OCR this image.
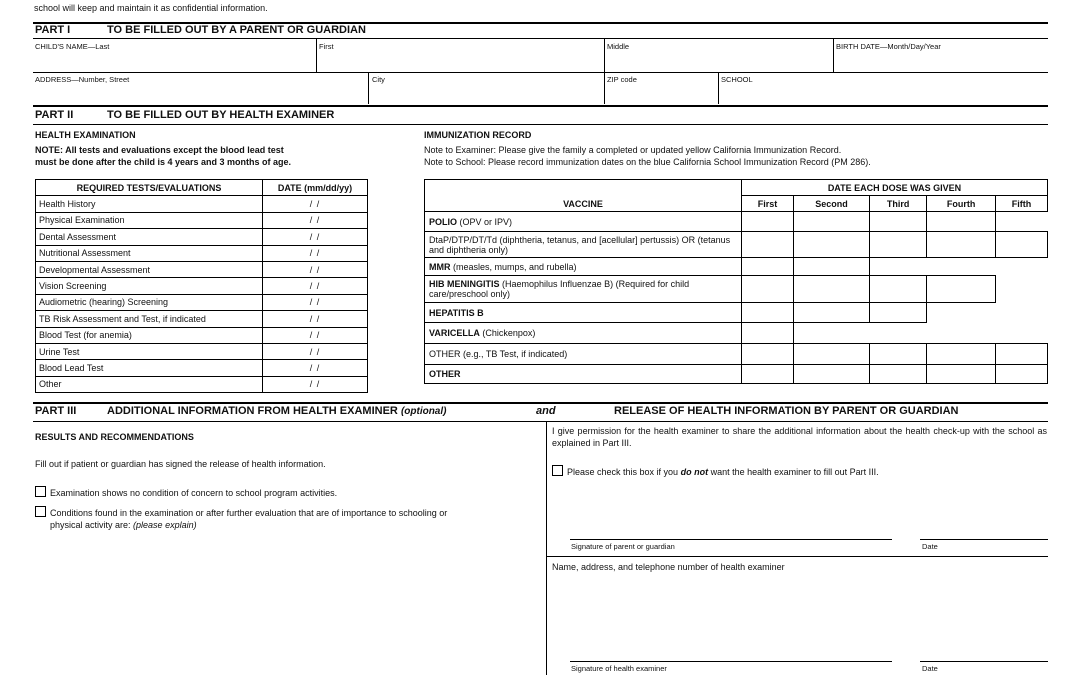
school will keep and maintain it as confidential information.
PART I	TO BE FILLED OUT BY A PARENT OR GUARDIAN
CHILD'S NAME—Last	First	Middle	BIRTH DATE—Month/Day/Year
ADDRESS—Number, Street	City	ZIP code	SCHOOL
PART II	TO BE FILLED OUT BY HEALTH EXAMINER
HEALTH EXAMINATION
NOTE: All tests and evaluations except the blood lead test
must be done after the child is 4 years and 3 months of age.
REQUIRED TESTS/EVALUATIONS	DATE (mm/dd/yy)
Health History	/ /
Physical Examination	/ /
Dental Assessment	/ /
Nutritional Assessment	/ /
Developmental Assessment	/ /
Vision Screening	/ /
Audiometric (hearing) Screening	/ /
TB Risk Assessment and Test, if indicated	/ /
Blood Test (for anemia)	/ /
Urine Test	/ /
Blood Lead Test	/ /
Other	/ /
IMMUNIZATION RECORD
Note to Examiner: Please give the family a completed or updated yellow California Immunization Record.
Note to School: Please record immunization dates on the blue California School Immunization Record (PM 286).
VACCINE	DATE EACH DOSE WAS GIVEN				
	First	Second	Third	Fourth	Fifth
POLIO (OPV or IPV)					
DtaP/DTP/DT/Td (diphtheria, tetanus, and [acellular] pertussis) OR (tetanus and diphtheria only)					
MMR (measles, mumps, and rubella)					
HIB MENINGITIS (Haemophilus Influenzae B) (Required for child care/preschool only)					
HEPATITIS B					
VARICELLA (Chickenpox)					
OTHER (e.g., TB Test, if indicated)					
OTHER					
PART III	ADDITIONAL INFORMATION FROM HEALTH EXAMINER (optional)	and	RELEASE OF HEALTH INFORMATION BY PARENT OR GUARDIAN
RESULTS AND RECOMMENDATIONS
Fill out if patient or guardian has signed the release of health information.
Examination shows no condition of concern to school program activities.
Conditions found in the examination or after further evaluation that are of importance to schooling or
physical activity are: (please explain)
I give permission for the health examiner to share the additional information about the health check-up with the school as explained in Part III.
Please check this box if you do not want the health examiner to fill out Part III.
Signature of parent or guardian	Date
Name, address, and telephone number of health examiner
Signature of health examiner	Date
